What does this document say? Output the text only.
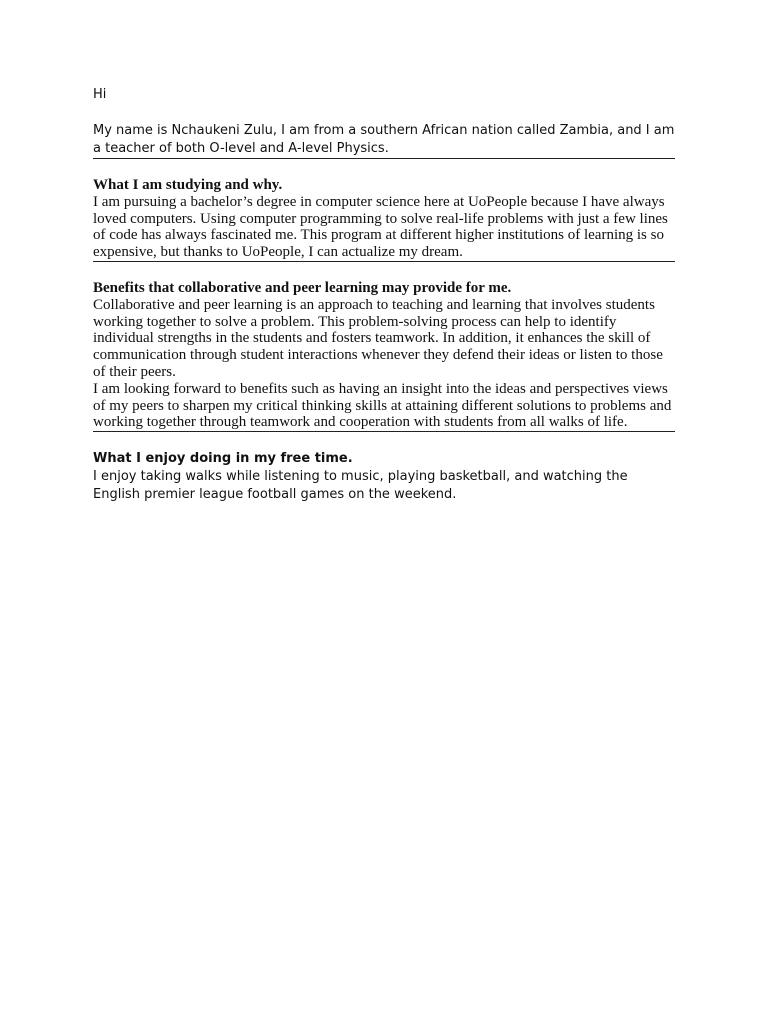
Hi

My name is Nchaukeni Zulu, I am from a southern African nation called Zambia, and I am a teacher of both O-level and A-level Physics.

What I am studying and why.

I am pursuing a bachelor’s degree in computer science here at UoPeople because I have always loved computers. Using computer programming to solve real-life problems with just a few lines of code has always fascinated me. This program at different higher institutions of learning is so expensive, but thanks to UoPeople, I can actualize my dream.

Benefits that collaborative and peer learning may provide for me.

Collaborative and peer learning is an approach to teaching and learning that involves students working together to solve a problem. This problem-solving process can help to identify individual strengths in the students and fosters teamwork. In addition, it enhances the skill of communication through student interactions whenever they defend their ideas or listen to those of their peers.

I am looking forward to benefits such as having an insight into the ideas and perspectives views of my peers to sharpen my critical thinking skills at attaining different solutions to problems and working together through teamwork and cooperation with students from all walks of life.

What I enjoy doing in my free time.

I enjoy taking walks while listening to music, playing basketball, and watching the English premier league football games on the weekend.
